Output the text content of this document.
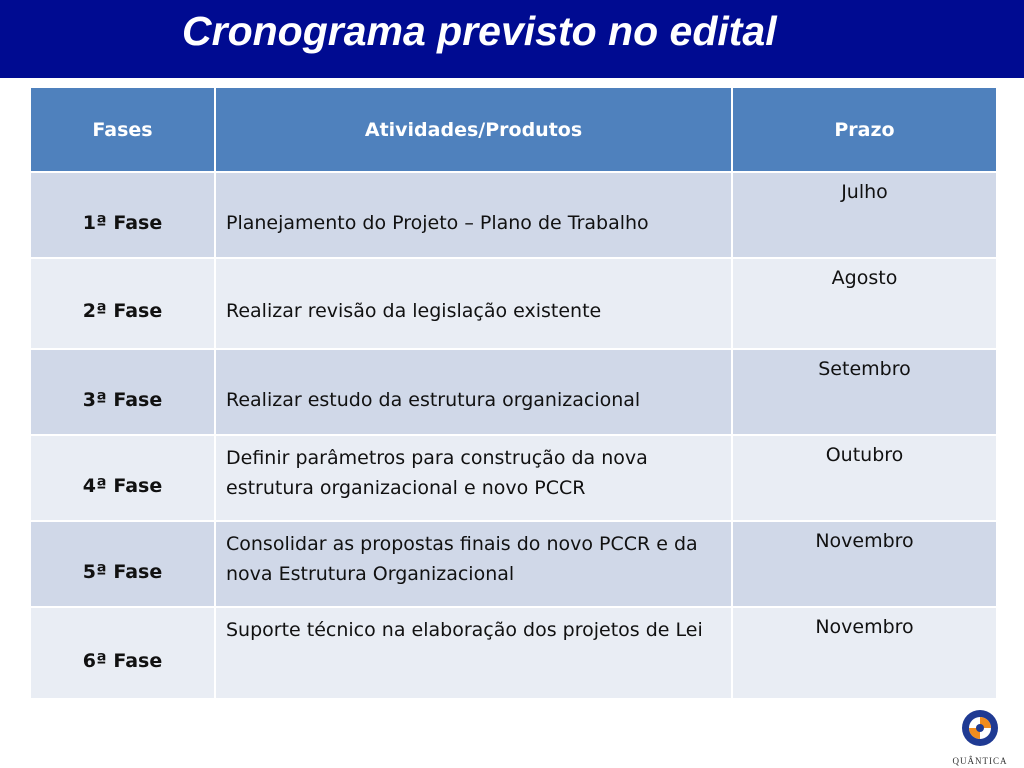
Cronograma previsto no edital
Fases	Atividades/Produtos	Prazo
1ª Fase	Planejamento do Projeto – Plano de Trabalho	Julho
2ª Fase	Realizar revisão da legislação existente	Agosto
3ª Fase	Realizar estudo da estrutura organizacional	Setembro
4ª Fase	Definir parâmetros para construção da nova estrutura organizacional e novo PCCR	Outubro
5ª Fase	Consolidar as propostas finais do novo PCCR e da nova Estrutura Organizacional	Novembro
6ª Fase	Suporte técnico na elaboração dos projetos de Lei	Novembro
QUÂNTICA
